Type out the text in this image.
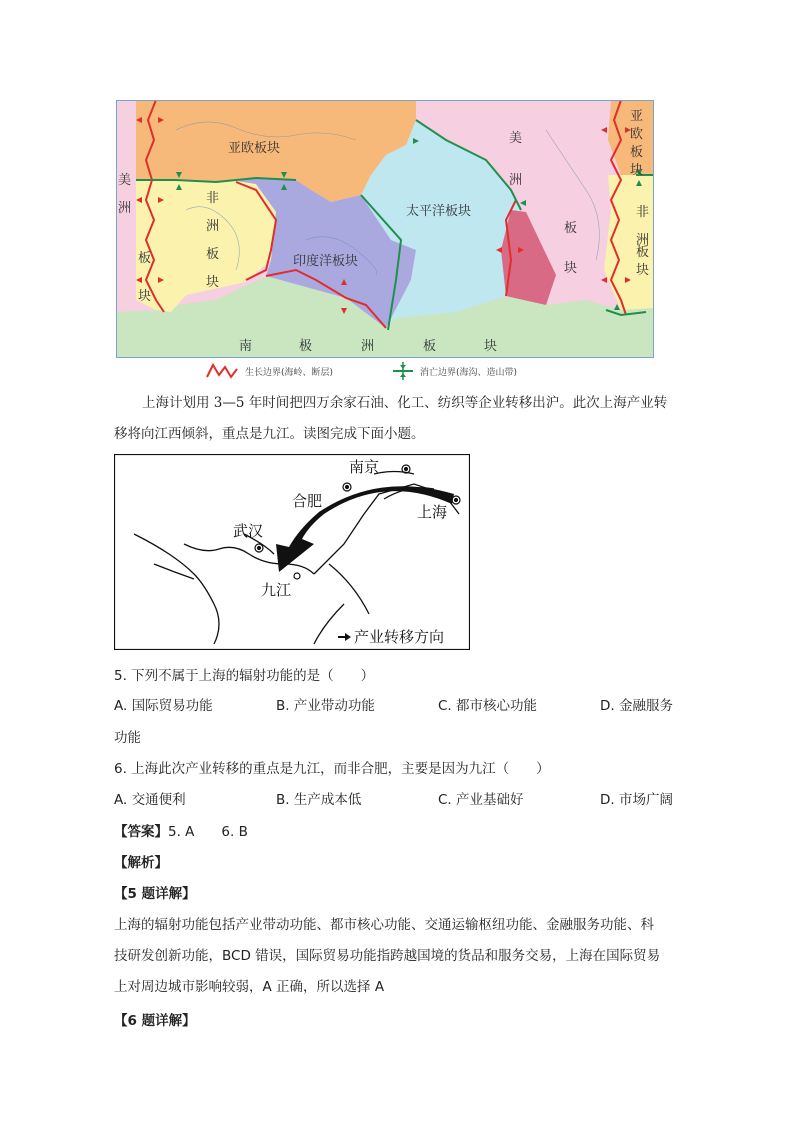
亚欧板块
非
洲
板
块
印度洋板块
太平洋板块
美
洲
板
块
美
洲
板
块
亚
欧
板
块
非
洲
板
块
南	极	洲	板	块
生长边界(海岭、断层)	消亡边界(海沟、造山带)
上海计划用 3—5 年时间把四万余家石油、化工、纺织等企业转移出沪。此次上海产业转
移将向江西倾斜，重点是九江。读图完成下面小题。
南京
合肥
上海
武汉
九江
产业转移方向
5. 下列不属于上海的辐射功能的是（　　）
A. 国际贸易功能	B. 产业带动功能	C. 都市核心功能	D. 金融服务
功能
6. 上海此次产业转移的重点是九江，而非合肥，主要是因为九江（　　）
A. 交通便利	B. 生产成本低	C. 产业基础好	D. 市场广阔
【答案】5. A　　6. B
【解析】
【5 题详解】
上海的辐射功能包括产业带动功能、都市核心功能、交通运输枢纽功能、金融服务功能、科
技研发创新功能，BCD 错误，国际贸易功能指跨越国境的货品和服务交易，上海在国际贸易
上对周边城市影响较弱，A 正确，所以选择 A
【6 题详解】
